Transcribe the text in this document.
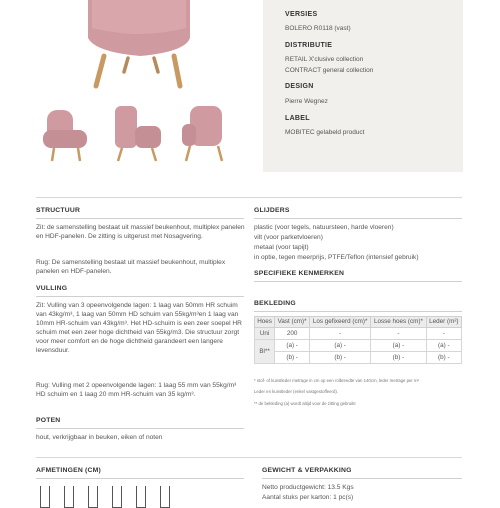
VERSIES
BOLERO R0118 (vast)
DISTRIBUTIE
RETAIL X'clusive collection
CONTRACT general collection
DESIGN
Pierre Wegnez
LABEL
MOBITEC gelabeld product
STRUCTUUR
Zit: de samenstelling bestaat uit massief beukenhout, multiplex panelen en HDF-panelen. De zitting is uitgerust met Nosagvering.
Rug: De samenstelling bestaat uit massief beukenhout, multiplex panelen en HDF-panelen.
VULLING
Zit: Vulling van 3 opeenvolgende lagen: 1 laag van 50mm HR schuim van 43kg/m³, 1 laag van 50mm HD schuim van 55kg/m³en 1 laag van 10mm HR-schuim van 43kg/m³. Het HD-schuim is een zeer soepel HR schuim met een zeer hoge dichtheid van 55kg/m3. Die structuur zorgt voor meer comfort en de hoge dichtheid garandeert een langere levensduur.
Rug: Vulling met 2 opeenvolgende lagen: 1 laag 55 mm van 55kg/m³ HD schuim en 1 laag 20 mm HR-schuim van 35 kg/m³.
POTEN
hout, verkrijgbaar in beuken, eiken of noten
GLIJDERS
plastic (voor tegels, natuursteen, harde vloeren)
vilt (voor parketvloeren)
metaal (voor tapijt)
in optie, tegen meerprijs, PTFE/Teflon (intensief gebruik)
SPECIFIEKE KENMERKEN
BEKLEDING
Hoes	Vast (cm)*	Los gefixeerd (cm)*	Losse hoes (cm)*	Leder (m²)
Uni	200	-	-	-
Bl**	(a) -	(a) -	(a) -	(a) -
	(b) -	(b) -	(b) -	(b) -
* stof- of kunstleder metrage in cm op een rolbreedte van 140cm, leder metrage per m²
Leder en kunstleder (enkel vastgestoffeerd).
** de bekleding (a) wordt altijd voor de zitting gebruikt
AFMETINGEN (CM)	GEWICHT & VERPAKKING
Netto productgewicht: 13.5 Kgs
Aantal stuks per karton: 1 pc(s)
